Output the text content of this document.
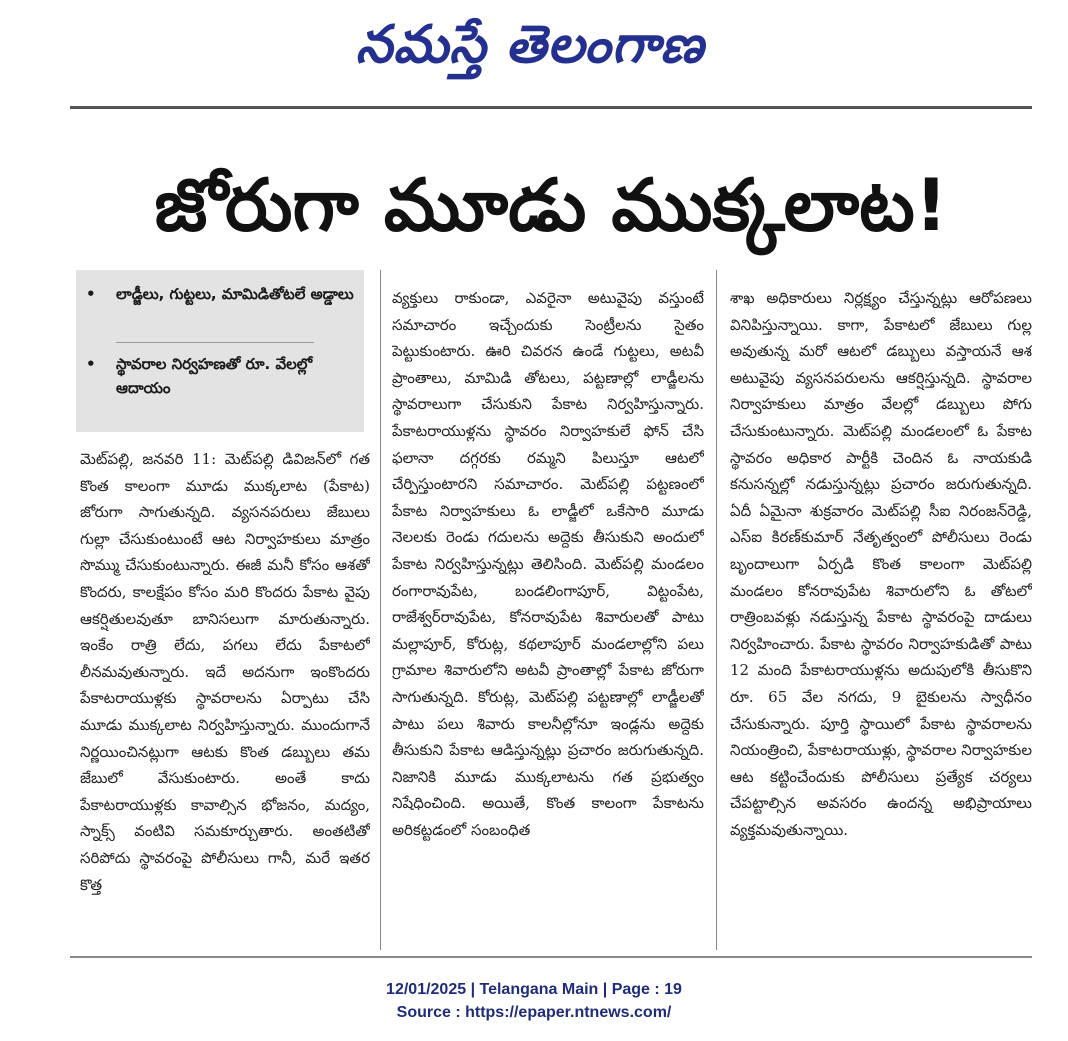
నమస్తే తెలంగాణ
జోరుగా మూడు ముక్కలాట!
•	లాడ్జీలు, గుట్టలు, మామిడితోటలే అడ్డాలు
•	స్థావరాల నిర్వహణతో రూ. వేలల్లో ఆదాయం
మెట్‌పల్లి, జనవరి 11: మెట్‌పల్లి డివిజన్‌లో గత కొంత కాలంగా మూడు ముక్కలాట (పేకాట) జోరుగా సాగుతున్నది. వ్యసనపరులు జేబులు గుల్లా చేసుకుంటుంటే ఆట నిర్వాహకులు మాత్రం సొమ్ము చేసుకుంటున్నారు. ఈజీ మనీ కోసం ఆశతో కొందరు, కాలక్షేపం కోసం మరి కొందరు పేకాట వైపు ఆకర్షితులవుతూ బానిసలుగా మారుతున్నారు. ఇంకేం రాత్రి లేదు, పగలు లేదు పేకాటలో లీనమవుతున్నారు. ఇదే అదనుగా ఇంకొందరు పేకాటరాయుళ్లకు స్థావరాలను ఏర్పాటు చేసి మూడు ముక్కలాట నిర్వహిస్తున్నారు. ముందుగానే నిర్ణయించినట్లుగా ఆటకు కొంత డబ్బులు తమ జేబులో వేసుకుంటారు. అంతే కాదు పేకాటరాయుళ్లకు కావాల్సిన భోజనం, మద్యం, స్నాక్స్ వంటివి సమకూర్చుతారు. అంతటితో సరిపోదు స్థావరంపై పోలీసులు గానీ, మరే ఇతర కొత్త
వ్యక్తులు రాకుండా, ఎవరైనా అటువైపు వస్తుంటే సమాచారం ఇచ్చేందుకు సెంట్రీలను సైతం పెట్టుకుంటారు. ఊరి చివరన ఉండే గుట్టలు, అటవీ ప్రాంతాలు, మామిడి తోటలు, పట్టణాల్లో లాడ్జీలను స్థావరాలుగా చేసుకుని పేకాట నిర్వహిస్తున్నారు. పేకాటరాయుళ్లను స్థావరం నిర్వాహకులే ఫోన్ చేసి ఫలానా దగ్గరకు రమ్మని పిలుస్తూ ఆటలో చేర్పిస్తుంటారని సమాచారం. మెట్‌పల్లి పట్టణంలో పేకాట నిర్వాహకులు ఓ లాడ్జీలో ఒకేసారి మూడు నెలలకు రెండు గదులను అద్దెకు తీసుకుని అందులో పేకాట నిర్వహిస్తున్నట్లు తెలిసింది. మెట్‌పల్లి మండలం రంగారావుపేట, బండలింగాపూర్, విట్టంపేట, రాజేశ్వర్‌రావుపేట, కోనరావుపేట శివారులతో పాటు మల్లాపూర్, కోరుట్ల, కథలాపూర్ మండలాల్లోని పలు గ్రామాల శివారులోని అటవీ ప్రాంతాల్లో పేకాట జోరుగా సాగుతున్నది. కోరుట్ల, మెట్‌పల్లి పట్టణాల్లో లాడ్జీలతో పాటు పలు శివారు కాలనీల్లోనూ ఇండ్లను అద్దెకు తీసుకుని పేకాట ఆడిస్తున్నట్లు ప్రచారం జరుగుతున్నది. నిజానికి మూడు ముక్కలాటను గత ప్రభుత్వం నిషేధించింది. అయితే, కొంత కాలంగా పేకాటను అరికట్టడంలో సంబంధిత
శాఖ అధికారులు నిర్లక్ష్యం చేస్తున్నట్లు ఆరోపణలు వినిపిస్తున్నాయి. కాగా, పేకాటలో జేబులు గుల్ల అవుతున్న మరో ఆటలో డబ్బులు వస్తాయనే ఆశ అటువైపు వ్యసనపరులను ఆకర్షిస్తున్నది. స్థావరాల నిర్వాహకులు మాత్రం వేలల్లో డబ్బులు పోగు చేసుకుంటున్నారు. మెట్‌పల్లి మండలంలో ఓ పేకాట స్థావరం అధికార పార్టీకి చెందిన ఓ నాయకుడి కనుసన్నల్లో నడుస్తున్నట్లు ప్రచారం జరుగుతున్నది. ఏదీ ఏమైనా శుక్రవారం మెట్‌పల్లి సీఐ నిరంజన్‌రెడ్డి, ఎస్‌ఐ కిరణ్‌కుమార్ నేతృత్వంలో పోలీసులు రెండు బృందాలుగా ఏర్పడి కొంత కాలంగా మెట్‌పల్లి మండలం కోనరావుపేట శివారులోని ఓ తోటలో రాత్రింబవళ్లు నడుస్తున్న పేకాట స్థావరంపై దాడులు నిర్వహించారు. పేకాట స్థావరం నిర్వాహకుడితో పాటు 12 మంది పేకాటరాయుళ్లను అదుపులోకి తీసుకొని రూ. 65 వేల నగదు, 9 బైకులను స్వాధీనం చేసుకున్నారు. పూర్తి స్థాయిలో పేకాట స్థావరాలను నియంత్రించి, పేకాటరాయుళ్లు, స్థావరాల నిర్వాహకుల ఆట కట్టించేందుకు పోలీసులు ప్రత్యేక చర్యలు చేపట్టాల్సిన అవసరం ఉందన్న అభిప్రాయాలు వ్యక్తమవుతున్నాయి.
12/01/2025 | Telangana Main | Page : 19
Source : https://epaper.ntnews.com/
